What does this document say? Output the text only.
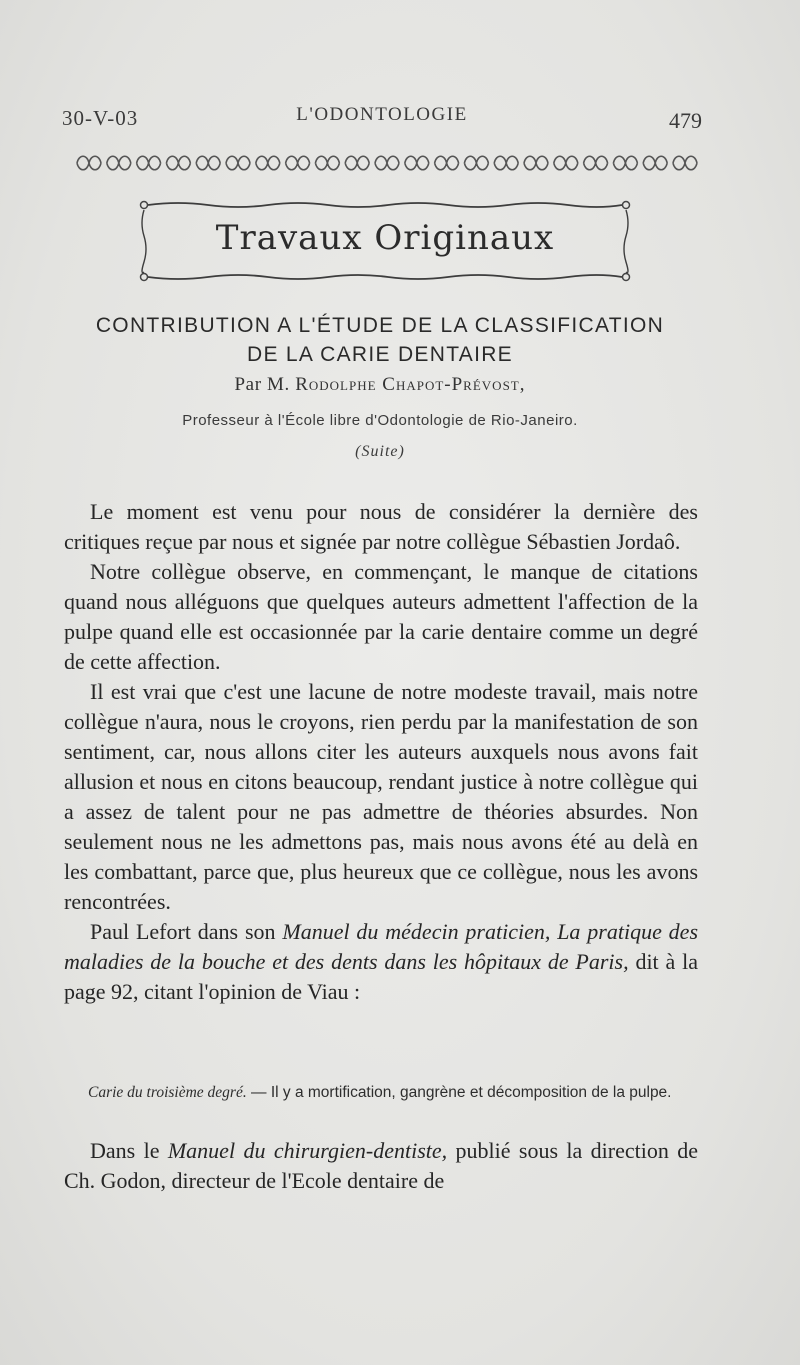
30-V-03	L'ODONTOLOGIE	479
Travaux Originaux
CONTRIBUTION A L'ÉTUDE DE LA CLASSIFICATION
DE LA CARIE DENTAIRE
Par M. Rodolphe Chapot-Prévost,
Professeur à l'École libre d'Odontologie de Rio-Janeiro.
(Suite)

Le moment est venu pour nous de considérer la dernière des critiques reçue par nous et signée par notre collègue Sébastien Jordaô.

Notre collègue observe, en commençant, le manque de citations quand nous alléguons que quelques auteurs admettent l'affection de la pulpe quand elle est occasionnée par la carie dentaire comme un degré de cette affection.

Il est vrai que c'est une lacune de notre modeste travail, mais notre collègue n'aura, nous le croyons, rien perdu par la manifestation de son sentiment, car, nous allons citer les auteurs auxquels nous avons fait allusion et nous en citons beaucoup, rendant justice à notre collègue qui a assez de talent pour ne pas admettre de théories absurdes. Non seulement nous ne les admettons pas, mais nous avons été au delà en les combattant, parce que, plus heureux que ce collègue, nous les avons rencontrées.

Paul Lefort dans son Manuel du médecin praticien, La pratique des maladies de la bouche et des dents dans les hôpitaux de Paris, dit à la page 92, citant l'opinion de Viau :

Carie du troisième degré. — Il y a mortification, gangrène et décomposition de la pulpe.

Dans le Manuel du chirurgien-dentiste, publié sous la direction de Ch. Godon, directeur de l'Ecole dentaire de
